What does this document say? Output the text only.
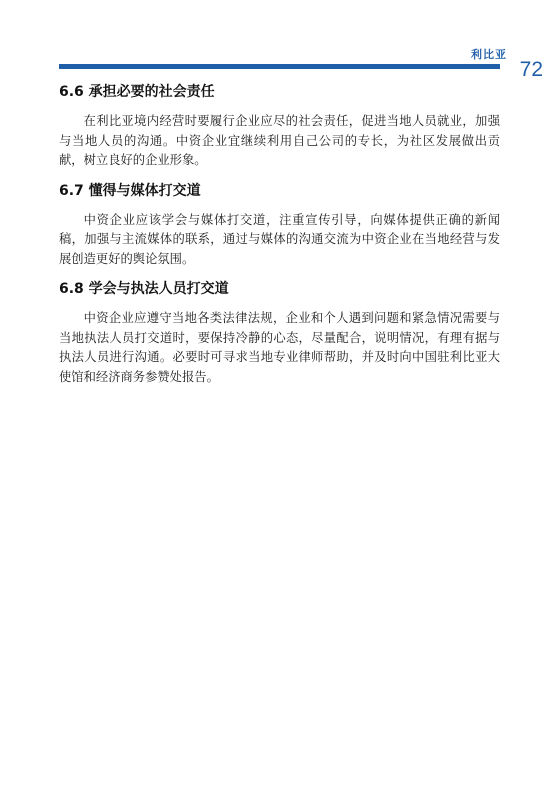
利比亚
72
6.6 承担必要的社会责任

在利比亚境内经营时要履行企业应尽的社会责任，促进当地人员就业，加强与当地人员的沟通。中资企业宜继续利用自己公司的专长，为社区发展做出贡献，树立良好的企业形象。

6.7 懂得与媒体打交道

中资企业应该学会与媒体打交道，注重宣传引导，向媒体提供正确的新闻稿，加强与主流媒体的联系，通过与媒体的沟通交流为中资企业在当地经营与发展创造更好的舆论氛围。

6.8 学会与执法人员打交道

中资企业应遵守当地各类法律法规，企业和个人遇到问题和紧急情况需要与当地执法人员打交道时，要保持冷静的心态，尽量配合，说明情况，有理有据与执法人员进行沟通。必要时可寻求当地专业律师帮助，并及时向中国驻利比亚大使馆和经济商务参赞处报告。
